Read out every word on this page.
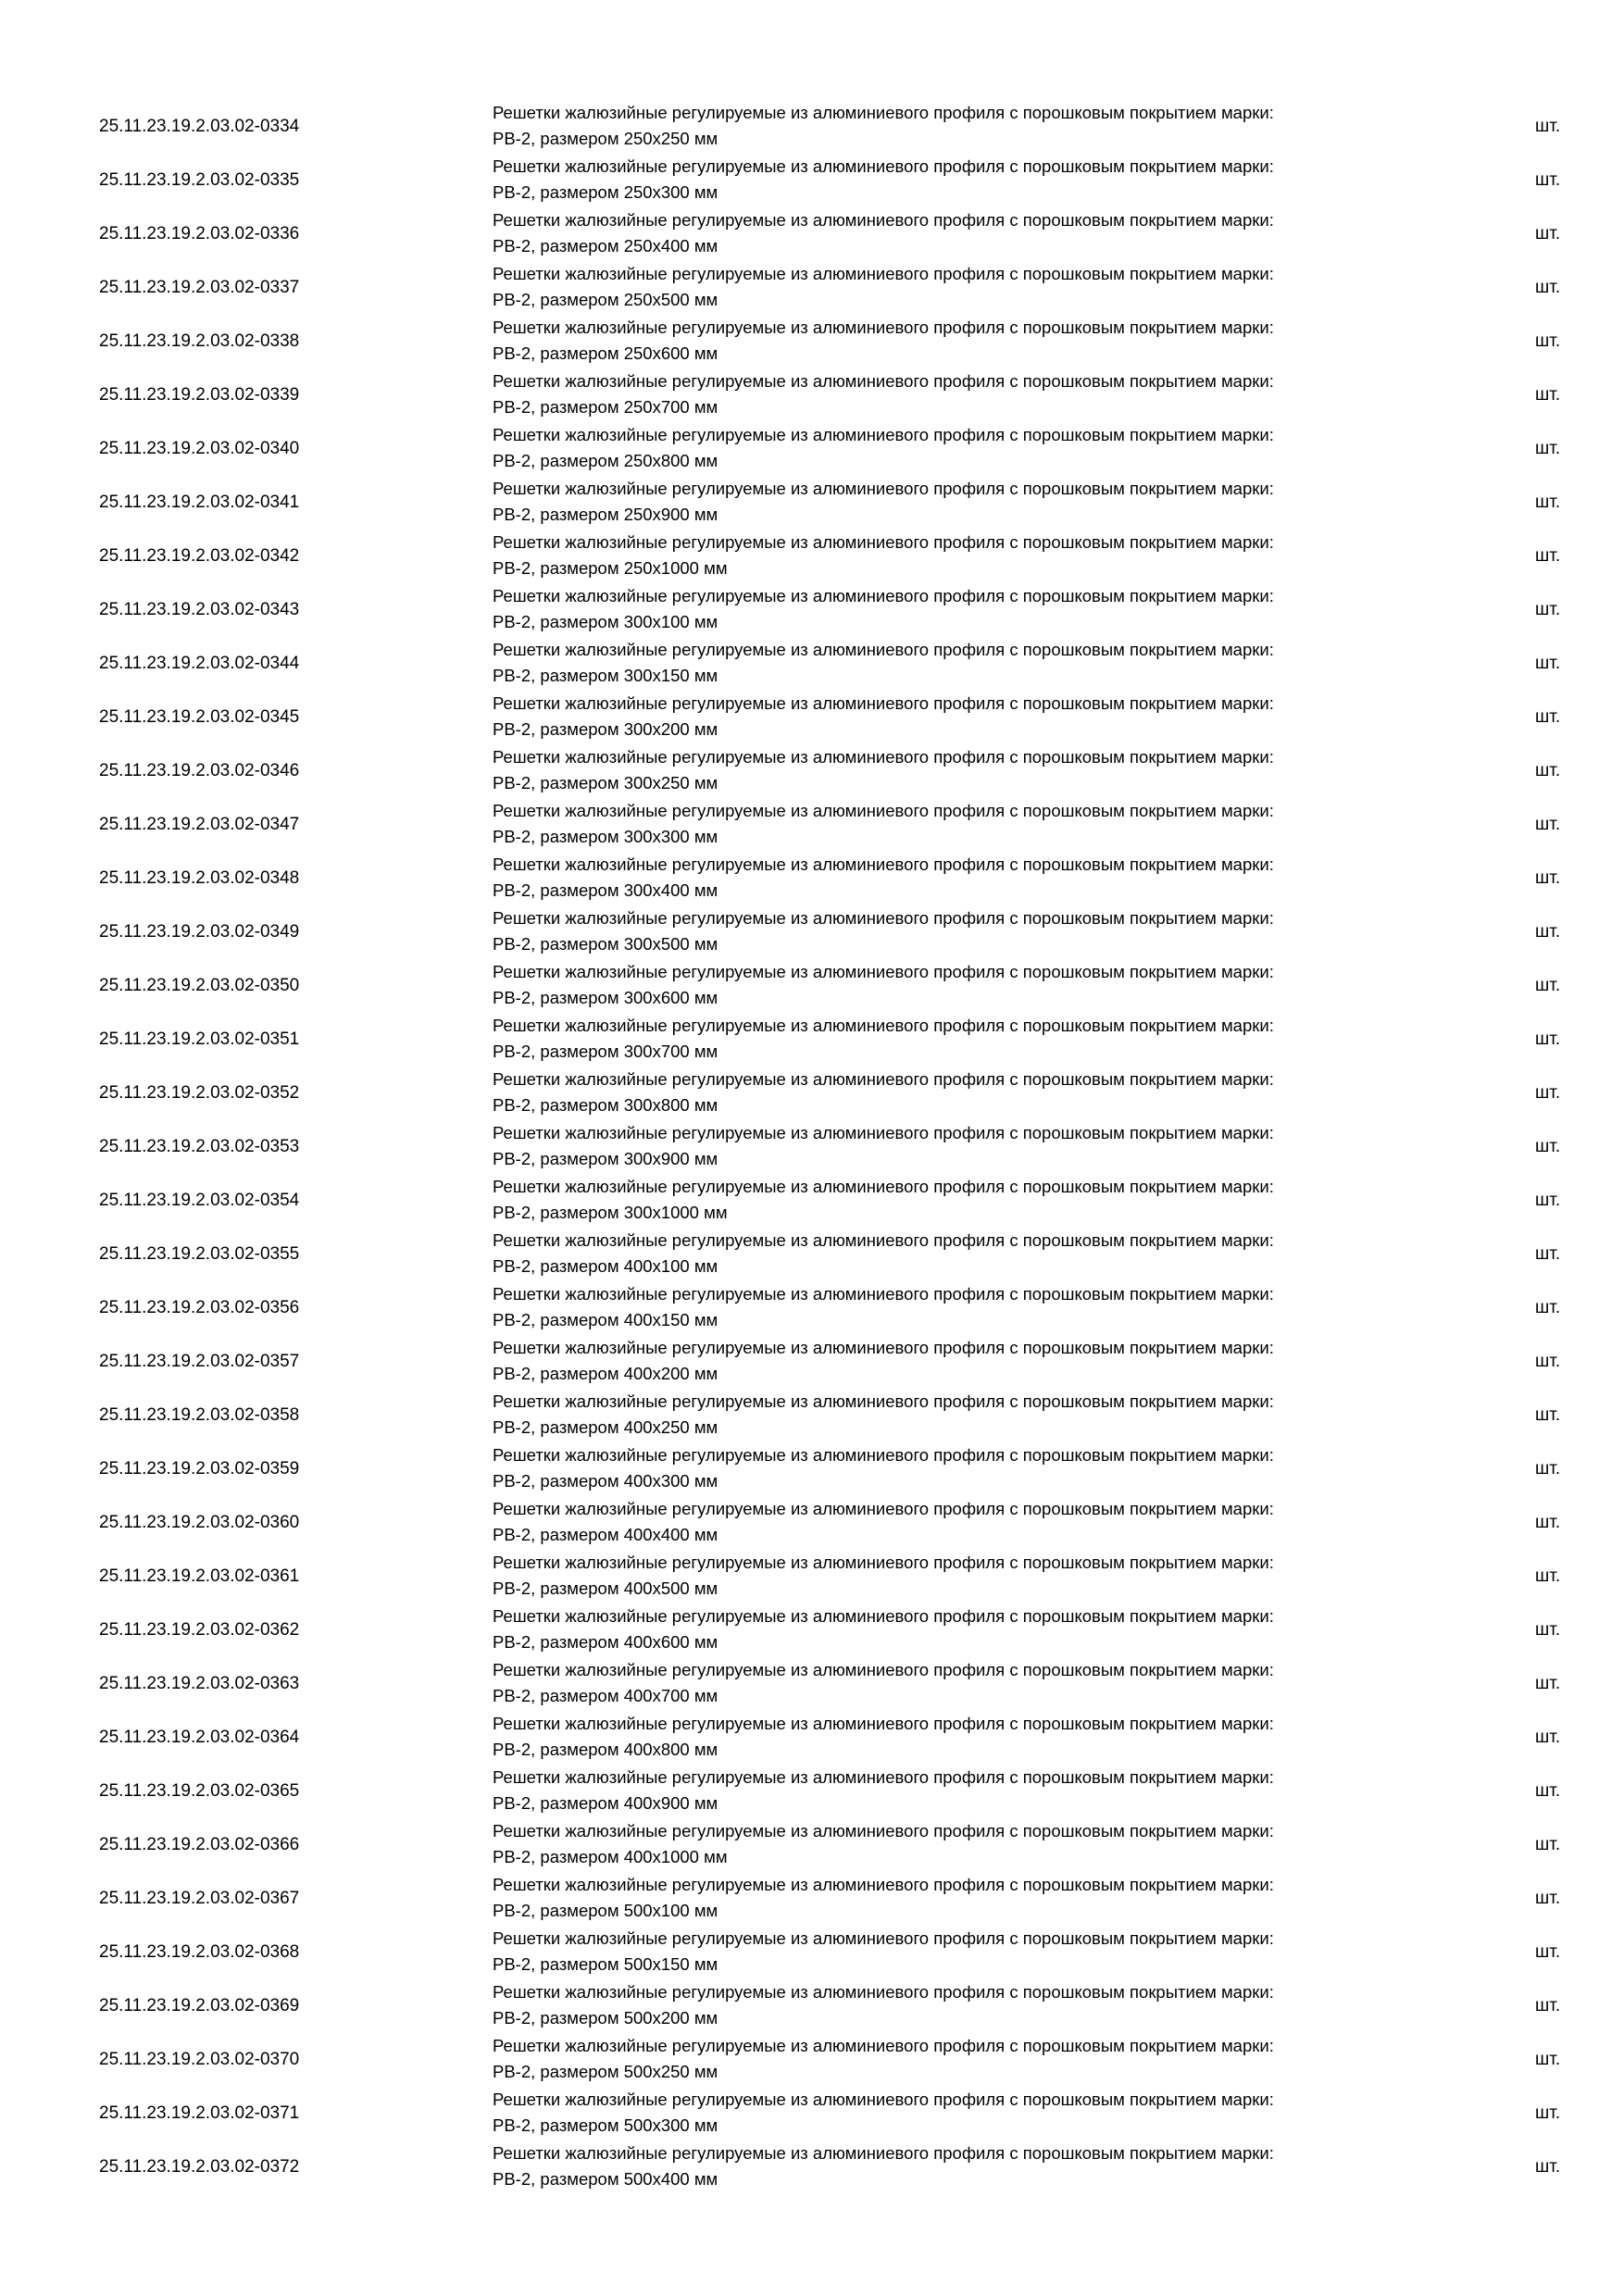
25.11.23.19.2.03.02-0334
Решетки жалюзийные регулируемые из алюминиевого профиля с порошковым покрытием марки:
РВ-2, размером 250х250 мм
шт.
25.11.23.19.2.03.02-0335
Решетки жалюзийные регулируемые из алюминиевого профиля с порошковым покрытием марки:
РВ-2, размером 250х300 мм
шт.
25.11.23.19.2.03.02-0336
Решетки жалюзийные регулируемые из алюминиевого профиля с порошковым покрытием марки:
РВ-2, размером 250х400 мм
шт.
25.11.23.19.2.03.02-0337
Решетки жалюзийные регулируемые из алюминиевого профиля с порошковым покрытием марки:
РВ-2, размером 250х500 мм
шт.
25.11.23.19.2.03.02-0338
Решетки жалюзийные регулируемые из алюминиевого профиля с порошковым покрытием марки:
РВ-2, размером 250х600 мм
шт.
25.11.23.19.2.03.02-0339
Решетки жалюзийные регулируемые из алюминиевого профиля с порошковым покрытием марки:
РВ-2, размером 250х700 мм
шт.
25.11.23.19.2.03.02-0340
Решетки жалюзийные регулируемые из алюминиевого профиля с порошковым покрытием марки:
РВ-2, размером 250х800 мм
шт.
25.11.23.19.2.03.02-0341
Решетки жалюзийные регулируемые из алюминиевого профиля с порошковым покрытием марки:
РВ-2, размером 250х900 мм
шт.
25.11.23.19.2.03.02-0342
Решетки жалюзийные регулируемые из алюминиевого профиля с порошковым покрытием марки:
РВ-2, размером 250х1000 мм
шт.
25.11.23.19.2.03.02-0343
Решетки жалюзийные регулируемые из алюминиевого профиля с порошковым покрытием марки:
РВ-2, размером 300х100 мм
шт.
25.11.23.19.2.03.02-0344
Решетки жалюзийные регулируемые из алюминиевого профиля с порошковым покрытием марки:
РВ-2, размером 300х150 мм
шт.
25.11.23.19.2.03.02-0345
Решетки жалюзийные регулируемые из алюминиевого профиля с порошковым покрытием марки:
РВ-2, размером 300х200 мм
шт.
25.11.23.19.2.03.02-0346
Решетки жалюзийные регулируемые из алюминиевого профиля с порошковым покрытием марки:
РВ-2, размером 300х250 мм
шт.
25.11.23.19.2.03.02-0347
Решетки жалюзийные регулируемые из алюминиевого профиля с порошковым покрытием марки:
РВ-2, размером 300х300 мм
шт.
25.11.23.19.2.03.02-0348
Решетки жалюзийные регулируемые из алюминиевого профиля с порошковым покрытием марки:
РВ-2, размером 300х400 мм
шт.
25.11.23.19.2.03.02-0349
Решетки жалюзийные регулируемые из алюминиевого профиля с порошковым покрытием марки:
РВ-2, размером 300х500 мм
шт.
25.11.23.19.2.03.02-0350
Решетки жалюзийные регулируемые из алюминиевого профиля с порошковым покрытием марки:
РВ-2, размером 300х600 мм
шт.
25.11.23.19.2.03.02-0351
Решетки жалюзийные регулируемые из алюминиевого профиля с порошковым покрытием марки:
РВ-2, размером 300х700 мм
шт.
25.11.23.19.2.03.02-0352
Решетки жалюзийные регулируемые из алюминиевого профиля с порошковым покрытием марки:
РВ-2, размером 300х800 мм
шт.
25.11.23.19.2.03.02-0353
Решетки жалюзийные регулируемые из алюминиевого профиля с порошковым покрытием марки:
РВ-2, размером 300х900 мм
шт.
25.11.23.19.2.03.02-0354
Решетки жалюзийные регулируемые из алюминиевого профиля с порошковым покрытием марки:
РВ-2, размером 300х1000 мм
шт.
25.11.23.19.2.03.02-0355
Решетки жалюзийные регулируемые из алюминиевого профиля с порошковым покрытием марки:
РВ-2, размером 400х100 мм
шт.
25.11.23.19.2.03.02-0356
Решетки жалюзийные регулируемые из алюминиевого профиля с порошковым покрытием марки:
РВ-2, размером 400х150 мм
шт.
25.11.23.19.2.03.02-0357
Решетки жалюзийные регулируемые из алюминиевого профиля с порошковым покрытием марки:
РВ-2, размером 400х200 мм
шт.
25.11.23.19.2.03.02-0358
Решетки жалюзийные регулируемые из алюминиевого профиля с порошковым покрытием марки:
РВ-2, размером 400х250 мм
шт.
25.11.23.19.2.03.02-0359
Решетки жалюзийные регулируемые из алюминиевого профиля с порошковым покрытием марки:
РВ-2, размером 400х300 мм
шт.
25.11.23.19.2.03.02-0360
Решетки жалюзийные регулируемые из алюминиевого профиля с порошковым покрытием марки:
РВ-2, размером 400х400 мм
шт.
25.11.23.19.2.03.02-0361
Решетки жалюзийные регулируемые из алюминиевого профиля с порошковым покрытием марки:
РВ-2, размером 400х500 мм
шт.
25.11.23.19.2.03.02-0362
Решетки жалюзийные регулируемые из алюминиевого профиля с порошковым покрытием марки:
РВ-2, размером 400х600 мм
шт.
25.11.23.19.2.03.02-0363
Решетки жалюзийные регулируемые из алюминиевого профиля с порошковым покрытием марки:
РВ-2, размером 400х700 мм
шт.
25.11.23.19.2.03.02-0364
Решетки жалюзийные регулируемые из алюминиевого профиля с порошковым покрытием марки:
РВ-2, размером 400х800 мм
шт.
25.11.23.19.2.03.02-0365
Решетки жалюзийные регулируемые из алюминиевого профиля с порошковым покрытием марки:
РВ-2, размером 400х900 мм
шт.
25.11.23.19.2.03.02-0366
Решетки жалюзийные регулируемые из алюминиевого профиля с порошковым покрытием марки:
РВ-2, размером 400х1000 мм
шт.
25.11.23.19.2.03.02-0367
Решетки жалюзийные регулируемые из алюминиевого профиля с порошковым покрытием марки:
РВ-2, размером 500х100 мм
шт.
25.11.23.19.2.03.02-0368
Решетки жалюзийные регулируемые из алюминиевого профиля с порошковым покрытием марки:
РВ-2, размером 500х150 мм
шт.
25.11.23.19.2.03.02-0369
Решетки жалюзийные регулируемые из алюминиевого профиля с порошковым покрытием марки:
РВ-2, размером 500х200 мм
шт.
25.11.23.19.2.03.02-0370
Решетки жалюзийные регулируемые из алюминиевого профиля с порошковым покрытием марки:
РВ-2, размером 500х250 мм
шт.
25.11.23.19.2.03.02-0371
Решетки жалюзийные регулируемые из алюминиевого профиля с порошковым покрытием марки:
РВ-2, размером 500х300 мм
шт.
25.11.23.19.2.03.02-0372
Решетки жалюзийные регулируемые из алюминиевого профиля с порошковым покрытием марки:
РВ-2, размером 500х400 мм
шт.
